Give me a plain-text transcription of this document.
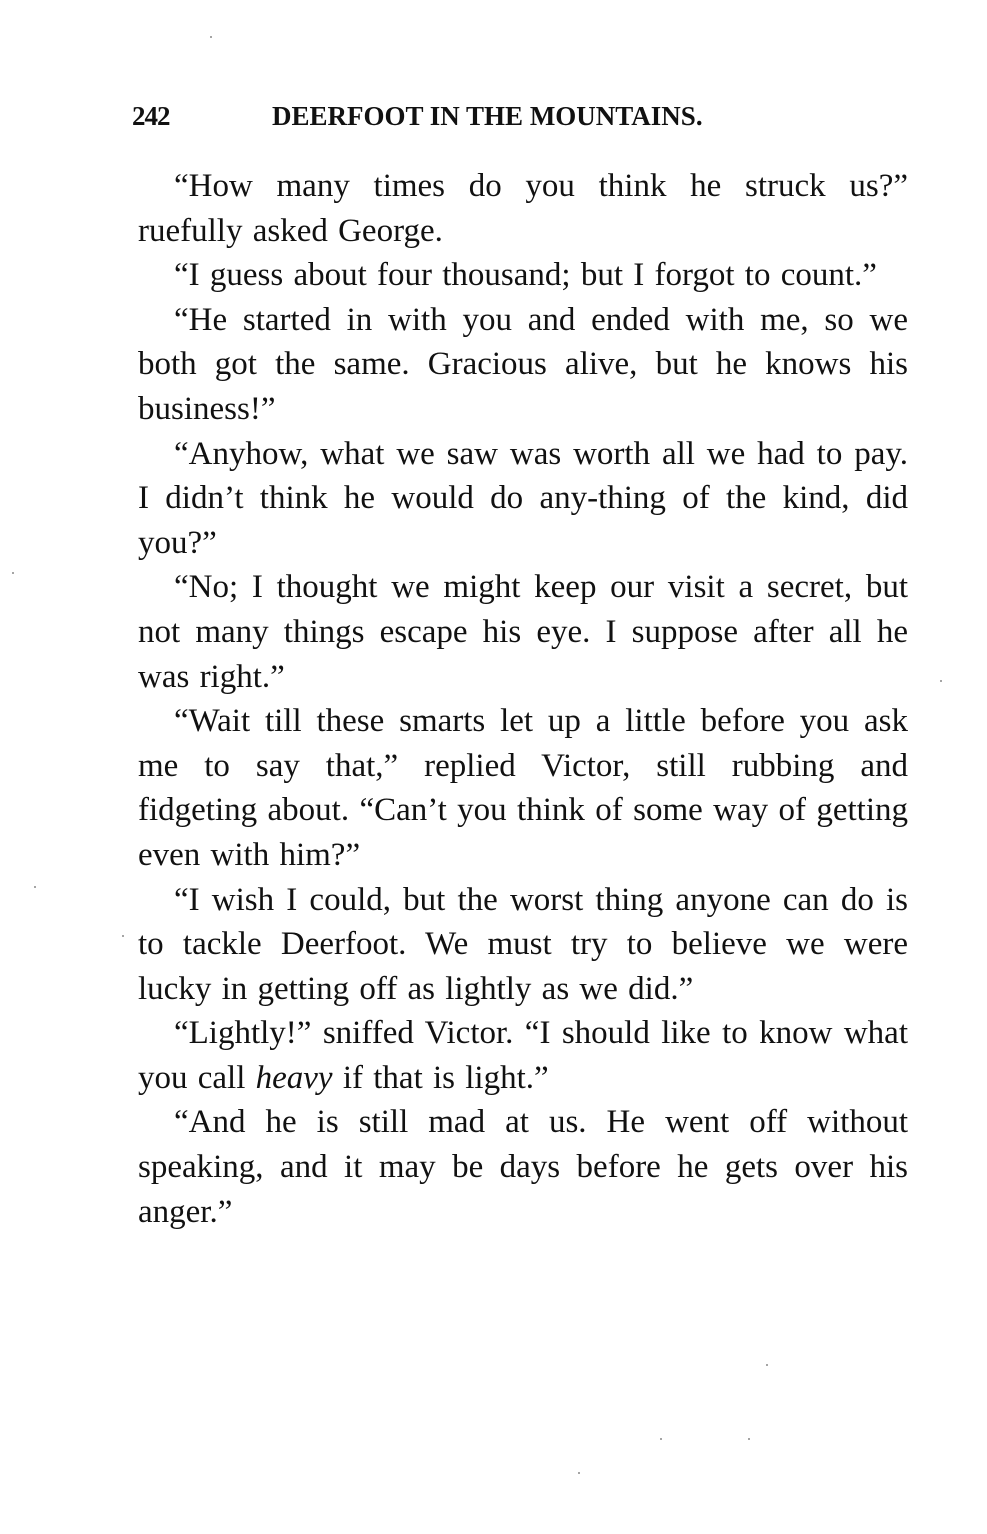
242	DEERFOOT IN THE MOUNTAINS.

“How many times do you think he struck us?” ruefully asked George.

“I guess about four thousand; but I forgot to count.”

“He started in with you and ended with me, so we both got the same. Gracious alive, but he knows his business!”

“Anyhow, what we saw was worth all we had to pay. I didn’t think he would do any-thing of the kind, did you?”

“No; I thought we might keep our visit a secret, but not many things escape his eye. I suppose after all he was right.”

“Wait till these smarts let up a little before you ask me to say that,” replied Victor, still rubbing and fidgeting about. “Can’t you think of some way of getting even with him?”

“I wish I could, but the worst thing anyone can do is to tackle Deerfoot. We must try to believe we were lucky in getting off as lightly as we did.”

“Lightly!” sniffed Victor. “I should like to know what you call heavy if that is light.”

“And he is still mad at us. He went off without speaking, and it may be days before he gets over his anger.”
